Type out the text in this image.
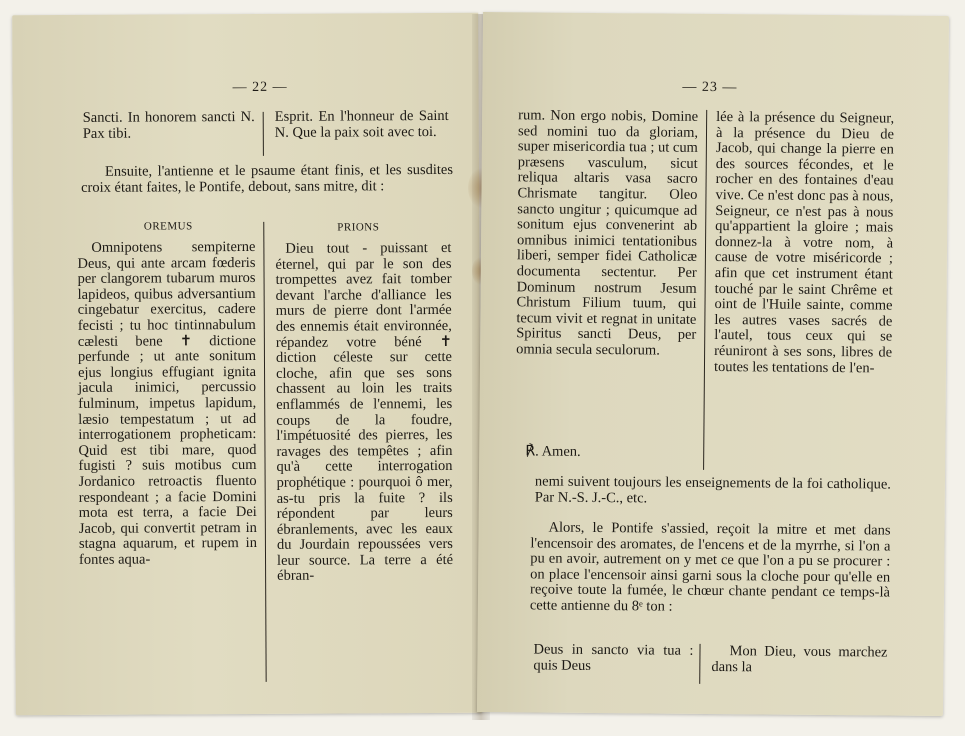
— 22 —
Sancti. In honorem sancti N. Pax tibi.
Esprit. En l'honneur de Saint N. Que la paix soit avec toi.
Ensuite, l'antienne et le psaume étant finis, et les susdites croix étant faites, le Pontife, debout, sans mitre, dit :
OREMUS	PRIONS
Omnipotens sempiterne Deus, qui ante arcam fœderis per clangorem tubarum muros lapideos, quibus adversantium cingebatur exercitus, cadere fecisti ; tu hoc tintinnabulum cælesti bene ✝ dictione perfunde ; ut ante sonitum ejus longius effugiant ignita jacula inimici, percussio fulminum, impetus lapidum, læsio tempestatum ; ut ad interrogationem propheticam: Quid est tibi mare, quod fugisti ? suis motibus cum Jordanico retroactis fluento respondeant ; a facie Domini mota est terra, a facie Dei Jacob, qui convertit petram in stagna aquarum, et rupem in fontes aqua-
Dieu tout - puissant et éternel, qui par le son des trompettes avez fait tomber devant l'arche d'alliance les murs de pierre dont l'armée des ennemis était environnée, répandez votre béné ✝ diction céleste sur cette cloche, afin que ses sons chassent au loin les traits enflammés de l'ennemi, les coups de la foudre, l'impétuosité des pierres, les ravages des tempêtes ; afin qu'à cette interrogation prophétique : pourquoi ô mer, as-tu pris la fuite ? ils répondent par leurs ébranlements, avec les eaux du Jourdain repoussées vers leur source. La terre a été ébran-
— 23 —
rum. Non ergo nobis, Domine sed nomini tuo da gloriam, super misericordia tua ; ut cum præsens vasculum, sicut reliqua altaris vasa sacro Chrismate tangitur. Oleo sancto ungitur ; quicumque ad sonitum ejus convenerint ab omnibus inimici tentationibus liberi, semper fidei Catholicæ documenta sectentur. Per Dominum nostrum Jesum Christum Filium tuum, qui tecum vivit et regnat in unitate Spiritus sancti Deus, per omnia secula seculorum.
℟. Amen.
lée à la présence du Seigneur, à la présence du Dieu de Jacob, qui change la pierre en des sources fécondes, et le rocher en des fontaines d'eau vive. Ce n'est donc pas à nous, Seigneur, ce n'est pas à nous qu'appartient la gloire ; mais donnez-la à votre nom, à cause de votre miséricorde ; afin que cet instrument étant touché par le saint Chrême et oint de l'Huile sainte, comme les autres vases sacrés de l'autel, tous ceux qui se réuniront à ses sons, libres de toutes les tentations de l'en-
nemi suivent toujours les enseignements de la foi catholique. Par N.-S. J.-C., etc.
Alors, le Pontife s'assied, reçoit la mitre et met dans l'encensoir des aromates, de l'encens et de la myrrhe, si l'on a pu en avoir, autrement on y met ce que l'on a pu se procurer : on place l'encensoir ainsi garni sous la cloche pour qu'elle en reçoive toute la fumée, le chœur chante pendant ce temps-là cette antienne du 8ᵉ ton :
Deus in sancto via tua : quis Deus
Mon Dieu, vous marchez dans la
